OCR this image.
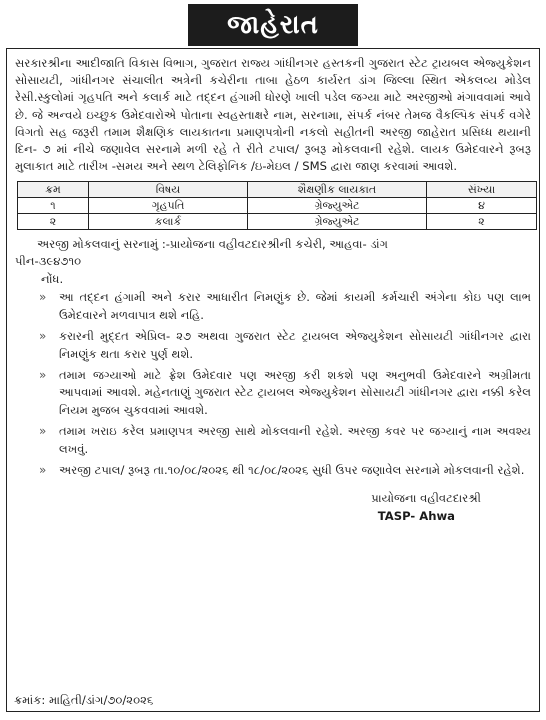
જાહેરાત

સરકારશ્રીના આદીજાતિ વિકાસ વિભાગ, ગુજરાત રાજ્ય ગાંધીનગર હસ્તકની ગુજરાત સ્ટેટ ટ્રાયબલ એજ્યુકેશન સોસાયટી, ગાંધીનગર સંચાલીત અત્રેની કચેરીના તાબા હેઠળ કાર્યરત ડાંગ જિલ્લા સ્થિત એકલવ્ય મોડેલ રેસી.સ્કુલોમાં ગૃહપતિ અને કલાર્ક માટે તદ્દન હંગામી ધોરણે ખાલી પડેલ જગ્યા માટે અરજીઓ મંગાવવામાં આવે છે. જે અન્વયે ઇચ્છુક ઉમેદવારોએ પોતાના સ્વહસ્તાક્ષરે નામ, સરનામા, સંપર્ક નંબર તેમજ વૈકલ્પિક સંપર્ક વગેરે વિગતો સહ જરૂરી તમામ શૈક્ષણિક લાયકાતના પ્રમાણપત્રોની નકલો સહીતની અરજી જાહેરાત પ્રસિધ્ધ થયાની દિન- ૭ માં નીચે જણાવેલ સરનામે મળી રહે તે રીતે ટપાલ/ રૂબરૂ મોકલવાની રહેશે. લાયક ઉમેદવારને રૂબરૂ મુલાકાત માટે તારીખ -સમય અને સ્થળ ટેલિફોનિક /ઇ-મેઇલ / SMS દ્વારા જાણ કરવામાં આવશે.

ક્રમ	વિષય	શૈક્ષણીક લાયકાત	સંખ્યા
૧	ગૃહપતિ	ગ્રેજ્યુએટ	૪
૨	કલાર્ક	ગ્રેજ્યુએટ	૨

અરજી મોકલવાનું સરનામું :-પ્રાયોજના વહીવટદારશ્રીની કચેરી, આહવા- ડાંગ

પીન-૩૯૪૭૧૦

નોંધ.

» આ તદ્દન હંગામી અને કરાર આધારીત નિમણુંક છે. જેમાં કાયમી કર્મચારી અંગેના કોઇ પણ લાભ ઉમેદવારને મળવાપાત્ર થશે નહિ.
» કરારની મુદ્દત એપ્રિલ- ૨૭ અથવા ગુજરાત સ્ટેટ ટ્રાયબલ એજ્યુકેશન સોસાયટી ગાંધીનગર દ્વારા નિમણુંક થતા કરાર પુર્ણ થશે.
» તમામ જગ્યાઓ માટે ફ્રેશ ઉમેદવાર પણ અરજી કરી શકશે પણ અનુભવી ઉમેદવારને અગ્રીમતા આપવામાં આવશે. મહેનતાણું ગુજરાત સ્ટેટ ટ્રાયબલ એજ્યુકેશન સોસાયટી ગાંધીનગર દ્વારા નક્કી કરેલ નિયમ મુજબ ચુકવવામાં આવશે.
» તમામ ખરાઇ કરેલ પ્રમાણપત્ર અરજી સાથે મોકલવાની રહેશે. અરજી કવર પર જગ્યાનું નામ અવશ્ય લખવું.
» અરજી ટપાલ/ રૂબરૂ તા.૧૦/૦૮/૨૦૨૬ થી ૧૮/૦૮/૨૦૨૬ સુધી ઉપર જણાવેલ સરનામે મોકલવાની રહેશે.
પ્રાયોજના વહીવટદારશ્રી
TASP- Ahwa
ક્રમાંક: માહિતી/ડાંગ/૭૦/૨૦૨૬
